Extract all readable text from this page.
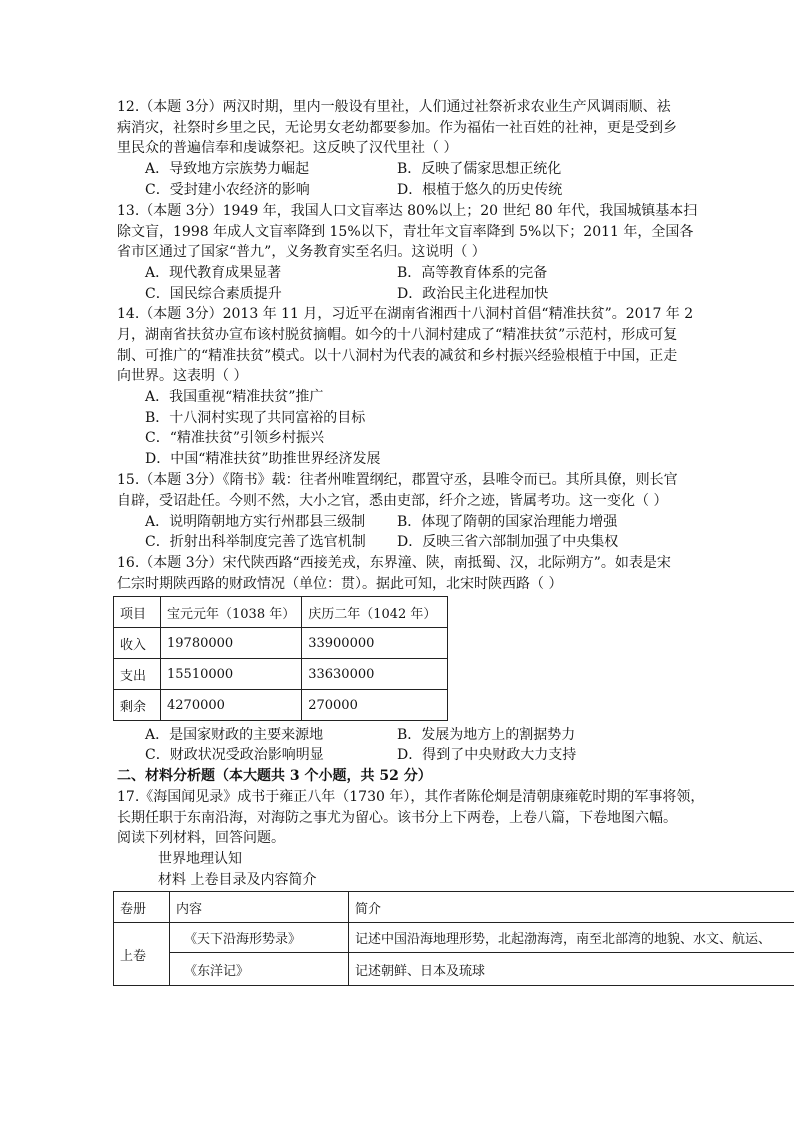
12.（本题 3分）两汉时期，里内一般设有里社，人们通过社祭祈求农业生产风调雨顺、祛
病消灾，社祭时乡里之民，无论男女老幼都要参加。作为福佑一社百姓的社神，更是受到乡
里民众的普遍信奉和虔诚祭祀。这反映了汉代里社（ ）
A．导致地方宗族势力崛起	B．反映了儒家思想正统化
C．受封建小农经济的影响	D．根植于悠久的历史传统
13.（本题 3分）1949 年，我国人口文盲率达 80%以上；20 世纪 80 年代，我国城镇基本扫
除文盲，1998 年成人文盲率降到 15%以下，青壮年文盲率降到 5%以下；2011 年，全国各
省市区通过了国家“普九”，义务教育实至名归。这说明（ ）
A．现代教育成果显著	B．高等教育体系的完备
C．国民综合素质提升	D．政治民主化进程加快
14.（本题 3分）2013 年 11 月，习近平在湖南省湘西十八洞村首倡“精准扶贫”。2017 年 2
月，湖南省扶贫办宣布该村脱贫摘帽。如今的十八洞村建成了“精准扶贫”示范村，形成可复
制、可推广的“精准扶贫”模式。以十八洞村为代表的减贫和乡村振兴经验根植于中国，正走
向世界。这表明（ ）
A．我国重视“精准扶贫”推广
B．十八洞村实现了共同富裕的目标
C．“精准扶贫”引领乡村振兴
D．中国“精准扶贫”助推世界经济发展
15.（本题 3分）《隋书》载：往者州唯置纲纪，郡置守丞，县唯令而已。其所具僚，则长官
自辟，受诏赴任。今则不然，大小之官，悉由吏部，纤介之迹，皆属考功。这一变化（ ）
A．说明隋朝地方实行州郡县三级制 B．体现了隋朝的国家治理能力增强
C．折射出科举制度完善了选官机制 D．反映三省六部制加强了中央集权
16.（本题 3分）宋代陕西路“西接羌戎，东界潼、陕，南抵蜀、汉，北际朔方”。如表是宋
仁宗时期陕西路的财政情况（单位：贯）。据此可知，北宋时陕西路（ ）
项目	宝元元年（1038 年）	庆历二年（1042 年）
收入	19780000	33900000
支出	15510000	33630000
剩余	4270000	270000
A．是国家财政的主要来源地	B．发展为地方上的割据势力
C．财政状况受政治影响明显	D．得到了中央财政大力支持
二、材料分析题（本大题共 3 个小题，共 52 分）
17.《海国闻见录》成书于雍正八年（1730 年），其作者陈伦炯是清朝康雍乾时期的军事将领，
长期任职于东南沿海，对海防之事尤为留心。该书分上下两卷，上卷八篇，下卷地图六幅。
阅读下列材料，回答问题。
世界地理认知
材料 上卷目录及内容简介
卷册	内容	简介
上卷	《天下沿海形势录》	记述中国沿海地理形势，北起渤海湾，南至北部湾的地貌、水文、航运、
	《东洋记》	记述朝鲜、日本及琉球
